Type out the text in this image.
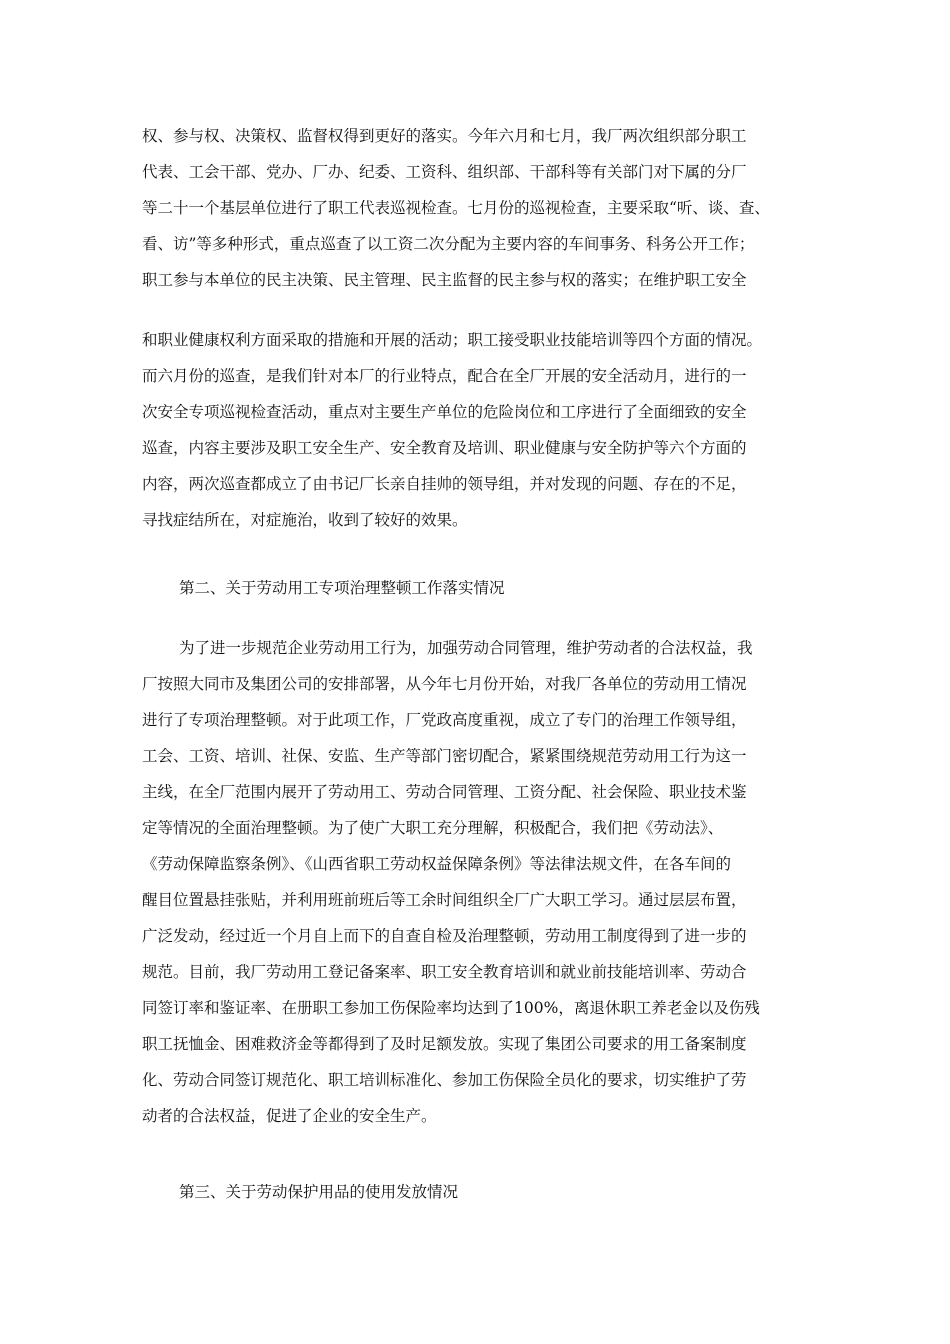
权、参与权、决策权、监督权得到更好的落实。今年六月和七月，我厂两次组织部分职工
代表、工会干部、党办、厂办、纪委、工资科、组织部、干部科等有关部门对下属的分厂
等二十一个基层单位进行了职工代表巡视检查。七月份的巡视检查，主要采取“听、谈、查、
看、访”等多种形式，重点巡查了以工资二次分配为主要内容的车间事务、科务公开工作；
职工参与本单位的民主决策、民主管理、民主监督的民主参与权的落实；在维护职工安全
和职业健康权利方面采取的措施和开展的活动；职工接受职业技能培训等四个方面的情况。
而六月份的巡查，是我们针对本厂的行业特点，配合在全厂开展的安全活动月，进行的一
次安全专项巡视检查活动，重点对主要生产单位的危险岗位和工序进行了全面细致的安全
巡查，内容主要涉及职工安全生产、安全教育及培训、职业健康与安全防护等六个方面的
内容，两次巡查都成立了由书记厂长亲自挂帅的领导组，并对发现的问题、存在的不足，
寻找症结所在，对症施治，收到了较好的效果。
第二、关于劳动用工专项治理整顿工作落实情况
为了进一步规范企业劳动用工行为，加强劳动合同管理，维护劳动者的合法权益，我
厂按照大同市及集团公司的安排部署，从今年七月份开始，对我厂各单位的劳动用工情况
进行了专项治理整顿。对于此项工作，厂党政高度重视，成立了专门的治理工作领导组，
工会、工资、培训、社保、安监、生产等部门密切配合，紧紧围绕规范劳动用工行为这一
主线，在全厂范围内展开了劳动用工、劳动合同管理、工资分配、社会保险、职业技术鉴
定等情况的全面治理整顿。为了使广大职工充分理解，积极配合，我们把《劳动法》、
《劳动保障监察条例》、《山西省职工劳动权益保障条例》等法律法规文件，在各车间的
醒目位置悬挂张贴，并利用班前班后等工余时间组织全厂广大职工学习。通过层层布置，
广泛发动，经过近一个月自上而下的自查自检及治理整顿，劳动用工制度得到了进一步的
规范。目前，我厂劳动用工登记备案率、职工安全教育培训和就业前技能培训率、劳动合
同签订率和鉴证率、在册职工参加工伤保险率均达到了100%，离退休职工养老金以及伤残
职工抚恤金、困难救济金等都得到了及时足额发放。实现了集团公司要求的用工备案制度
化、劳动合同签订规范化、职工培训标准化、参加工伤保险全员化的要求，切实维护了劳
动者的合法权益，促进了企业的安全生产。
第三、关于劳动保护用品的使用发放情况
